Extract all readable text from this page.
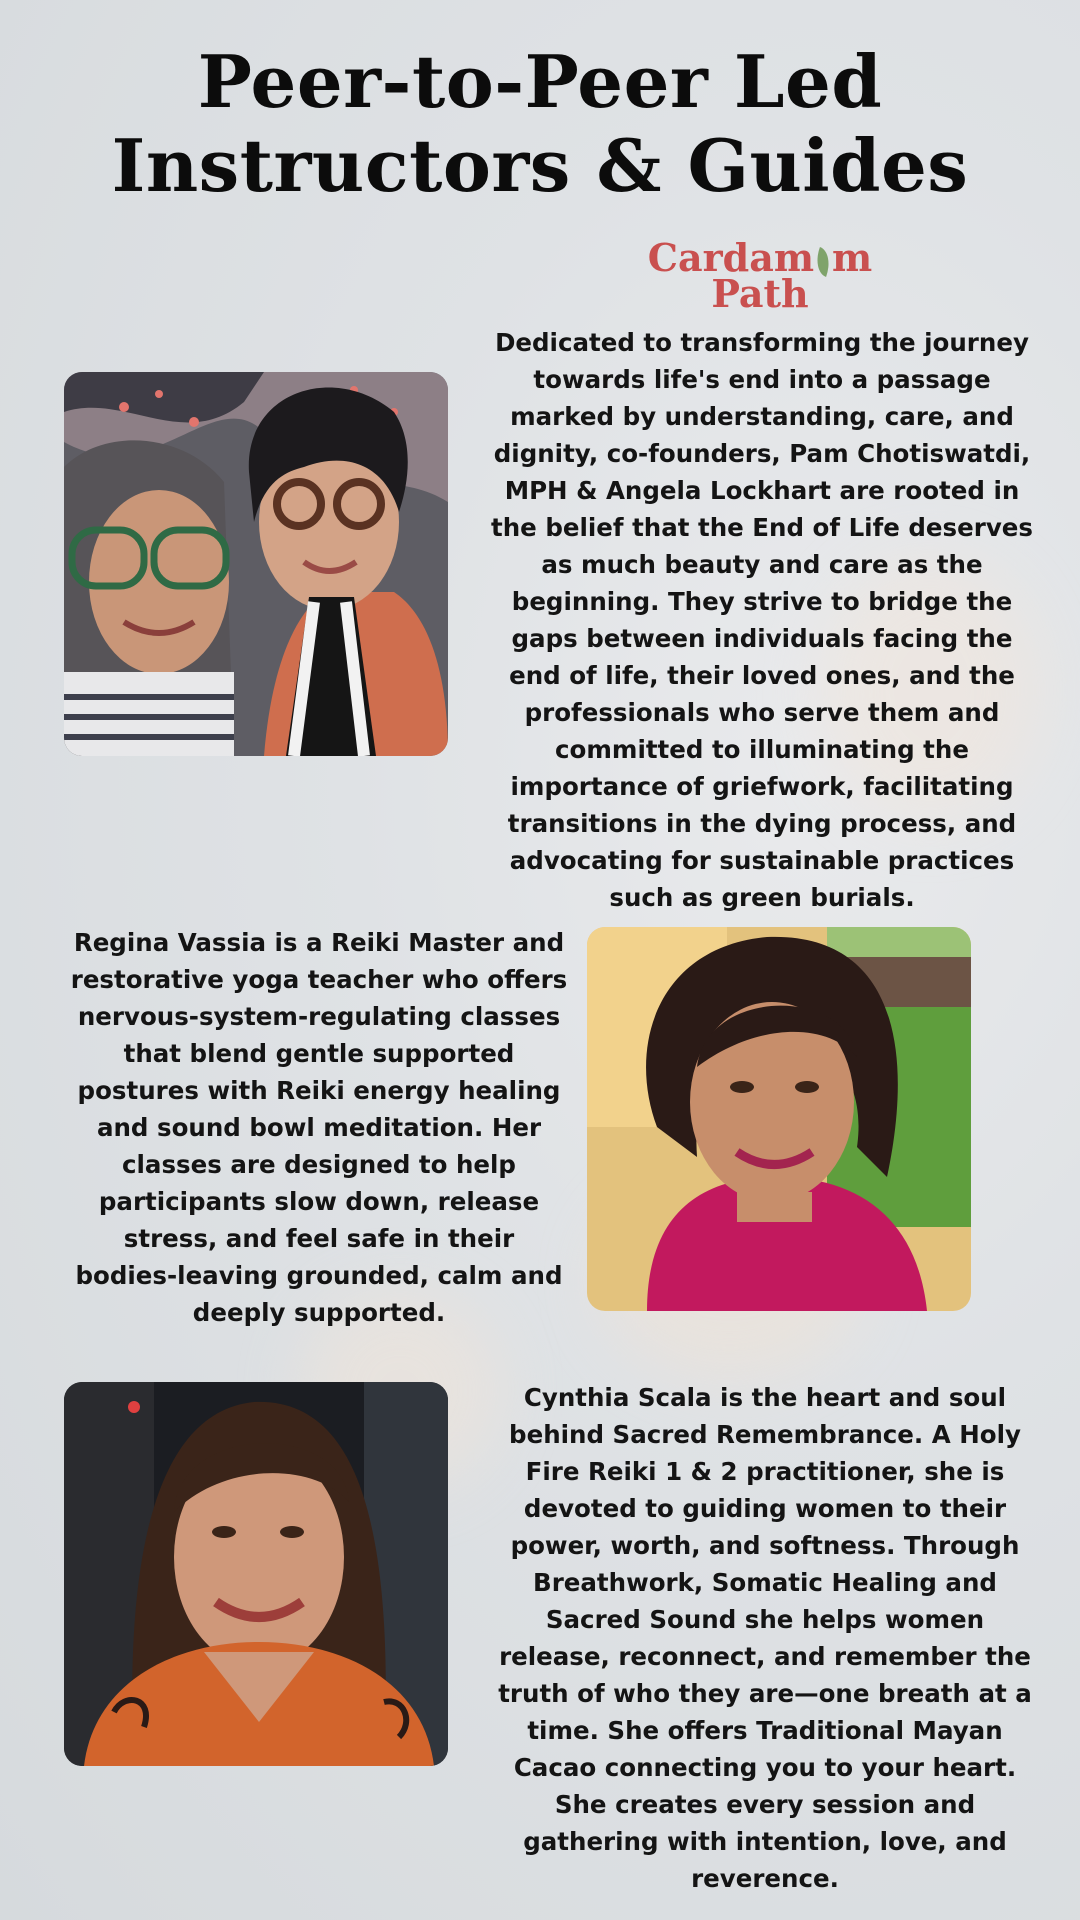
Peer-to-Peer Led
Instructors & Guides
Cardam m
Path

Dedicated to transforming the journey towards life's end into a passage marked by understanding, care, and dignity, co-founders, Pam Chotiswatdi, MPH & Angela Lockhart are rooted in the belief that the End of Life deserves as much beauty and care as the beginning. They strive to bridge the gaps between individuals facing the end of life, their loved ones, and the professionals who serve them and committed to illuminating the importance of griefwork, facilitating transitions in the dying process, and advocating for sustainable practices such as green burials.

Regina Vassia is a Reiki Master and restorative yoga teacher who offers nervous-system-regulating classes that blend gentle supported postures with Reiki energy healing and sound bowl meditation. Her classes are designed to help participants slow down, release stress, and feel safe in their bodies-leaving grounded, calm and deeply supported.

Cynthia Scala is the heart and soul behind Sacred Remembrance. A Holy Fire Reiki 1 & 2 practitioner, she is devoted to guiding women to their power, worth, and softness. Through Breathwork, Somatic Healing and Sacred Sound she helps women release, reconnect, and remember the truth of who they are—one breath at a time. She offers Traditional Mayan Cacao connecting you to your heart. She creates every session and gathering with intention, love, and reverence.
